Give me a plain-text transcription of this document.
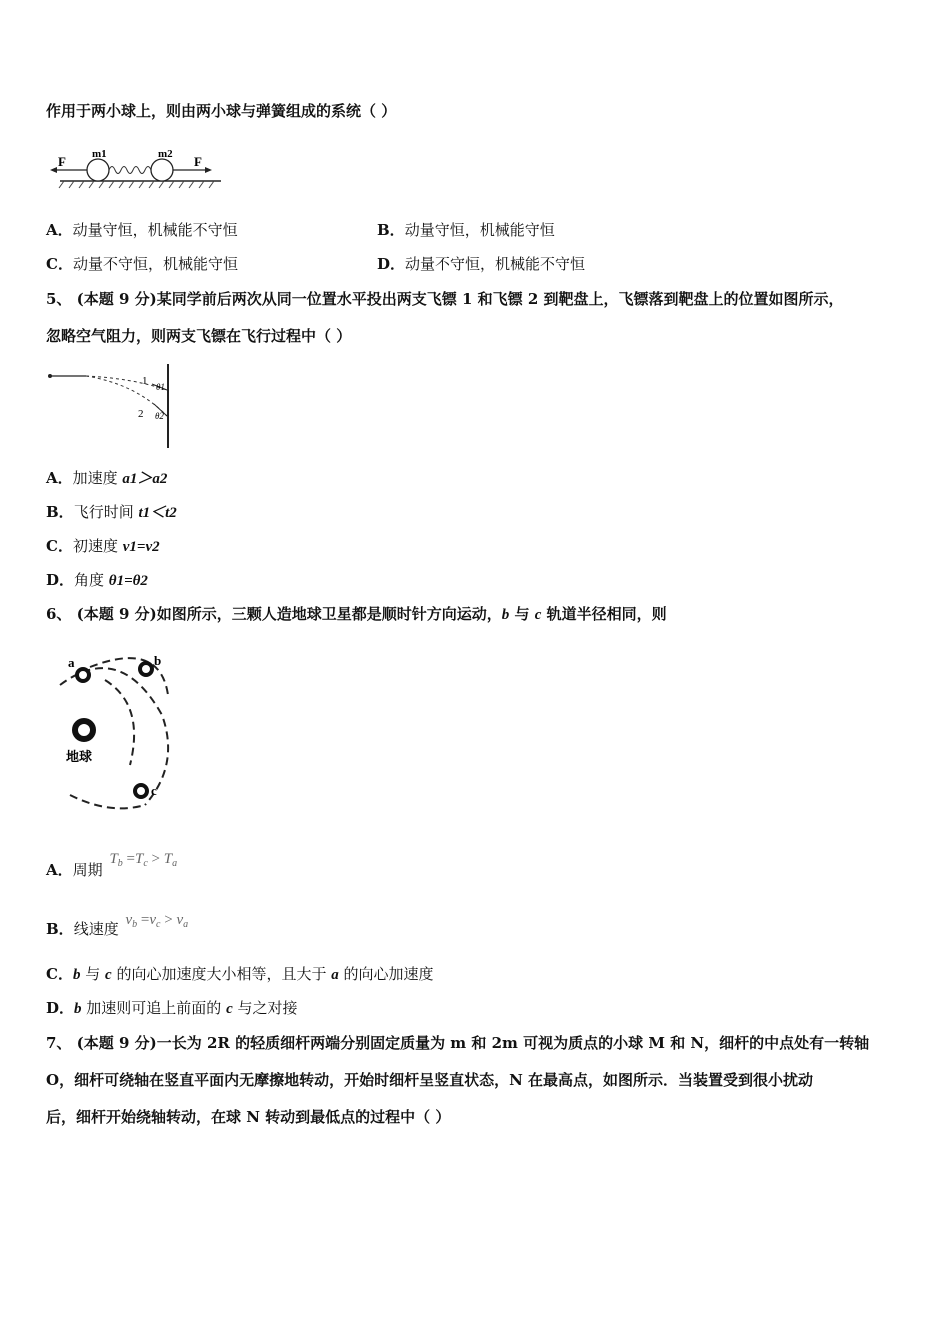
作用于两小球上，则由两小球与弹簧组成的系统（ ）
F	F
m1	m2
A．动量守恒，机械能不守恒	B．动量守恒，机械能守恒
C．动量不守恒，机械能守恒	D．动量不守恒，机械能不守恒
5、 (本题 9 分)某同学前后两次从同一位置水平投出两支飞镖 1 和飞镖 2 到靶盘上，飞镖落到靶盘上的位置如图所示，
忽略空气阻力，则两支飞镖在飞行过程中（ ）
1
2
θ1
θ2
A．加速度 a1＞a2
B．飞行时间 t1＜t2
C．初速度 v1=v2
D．角度 θ1=θ2
6、 (本题 9 分)如图所示，三颗人造地球卫星都是顺时针方向运动，b 与 c 轨道半径相同，则
地球
a	b
c
A．周期 $T_b =T_c > T_a$
B．线速度 $v_b =v_c > v_a$
C．b 与 c 的向心加速度大小相等，且大于 a 的向心加速度
D．b 加速则可追上前面的 c 与之对接
7、 (本题 9 分)一长为 2R 的轻质细杆两端分别固定质量为 m 和 2m 可视为质点的小球 M 和 N，细杆的中点处有一转轴
O，细杆可绕轴在竖直平面内无摩擦地转动，开始时细杆呈竖直状态，N 在最高点，如图所示．当装置受到很小扰动
后，细杆开始绕轴转动，在球 N 转动到最低点的过程中（ ）
